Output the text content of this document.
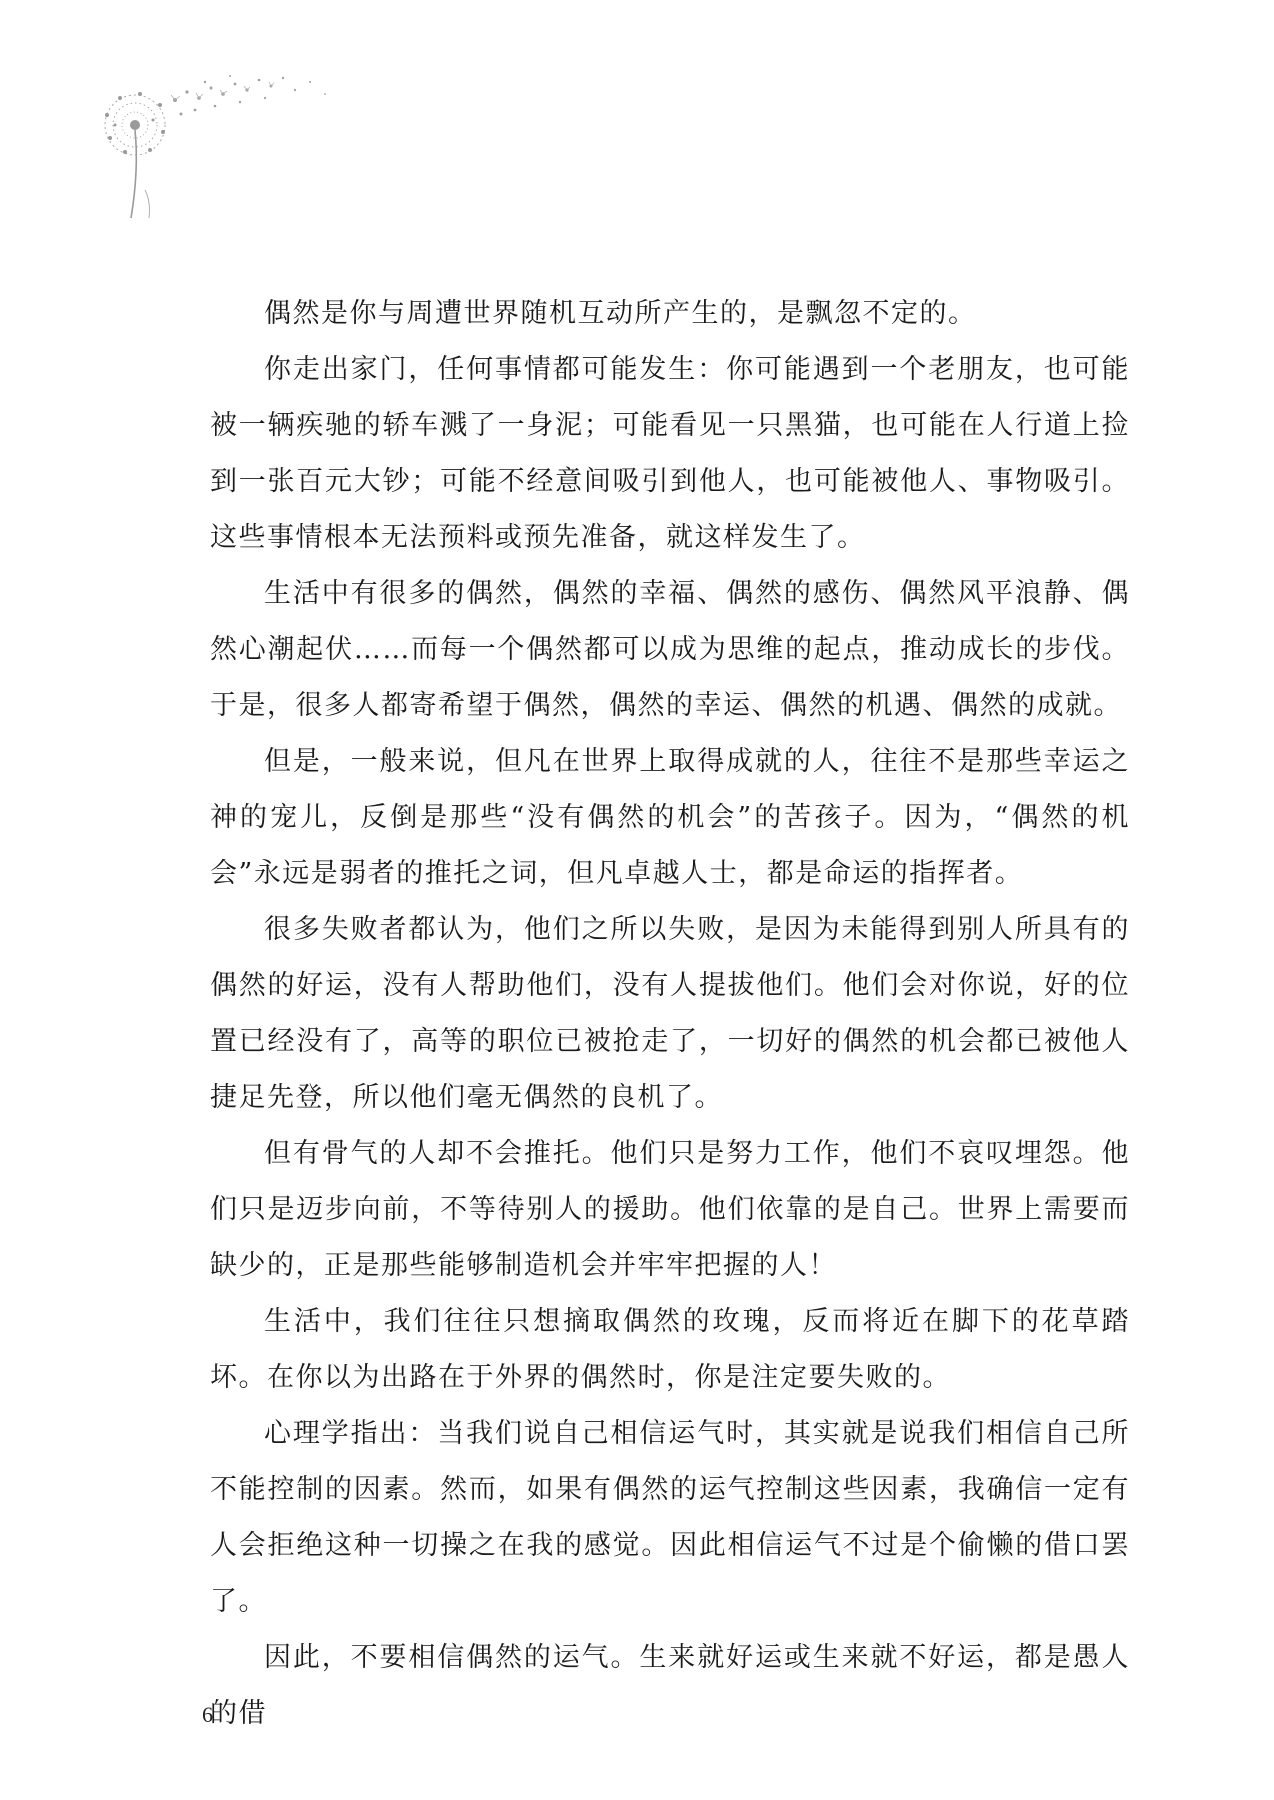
偶然是你与周遭世界随机互动所产生的，是飘忽不定的。

你走出家门，任何事情都可能发生：你可能遇到一个老朋友，也可能被一辆疾驰的轿车溅了一身泥；可能看见一只黑猫，也可能在人行道上捡到一张百元大钞；可能不经意间吸引到他人，也可能被他人、事物吸引。这些事情根本无法预料或预先准备，就这样发生了。

生活中有很多的偶然，偶然的幸福、偶然的感伤、偶然风平浪静、偶然心潮起伏……而每一个偶然都可以成为思维的起点，推动成长的步伐。于是，很多人都寄希望于偶然，偶然的幸运、偶然的机遇、偶然的成就。

但是，一般来说，但凡在世界上取得成就的人，往往不是那些幸运之神的宠儿，反倒是那些“没有偶然的机会”的苦孩子。因为，“偶然的机会”永远是弱者的推托之词，但凡卓越人士，都是命运的指挥者。

很多失败者都认为，他们之所以失败，是因为未能得到别人所具有的偶然的好运，没有人帮助他们，没有人提拔他们。他们会对你说，好的位置已经没有了，高等的职位已被抢走了，一切好的偶然的机会都已被他人捷足先登，所以他们毫无偶然的良机了。

但有骨气的人却不会推托。他们只是努力工作，他们不哀叹埋怨。他们只是迈步向前，不等待别人的援助。他们依靠的是自己。世界上需要而缺少的，正是那些能够制造机会并牢牢把握的人！

生活中，我们往往只想摘取偶然的玫瑰，反而将近在脚下的花草踏坏。在你以为出路在于外界的偶然时，你是注定要失败的。

心理学指出：当我们说自己相信运气时，其实就是说我们相信自己所不能控制的因素。然而，如果有偶然的运气控制这些因素，我确信一定有人会拒绝这种一切操之在我的感觉。因此相信运气不过是个偷懒的借口罢了。

因此，不要相信偶然的运气。生来就好运或生来就不好运，都是愚人的借

6
